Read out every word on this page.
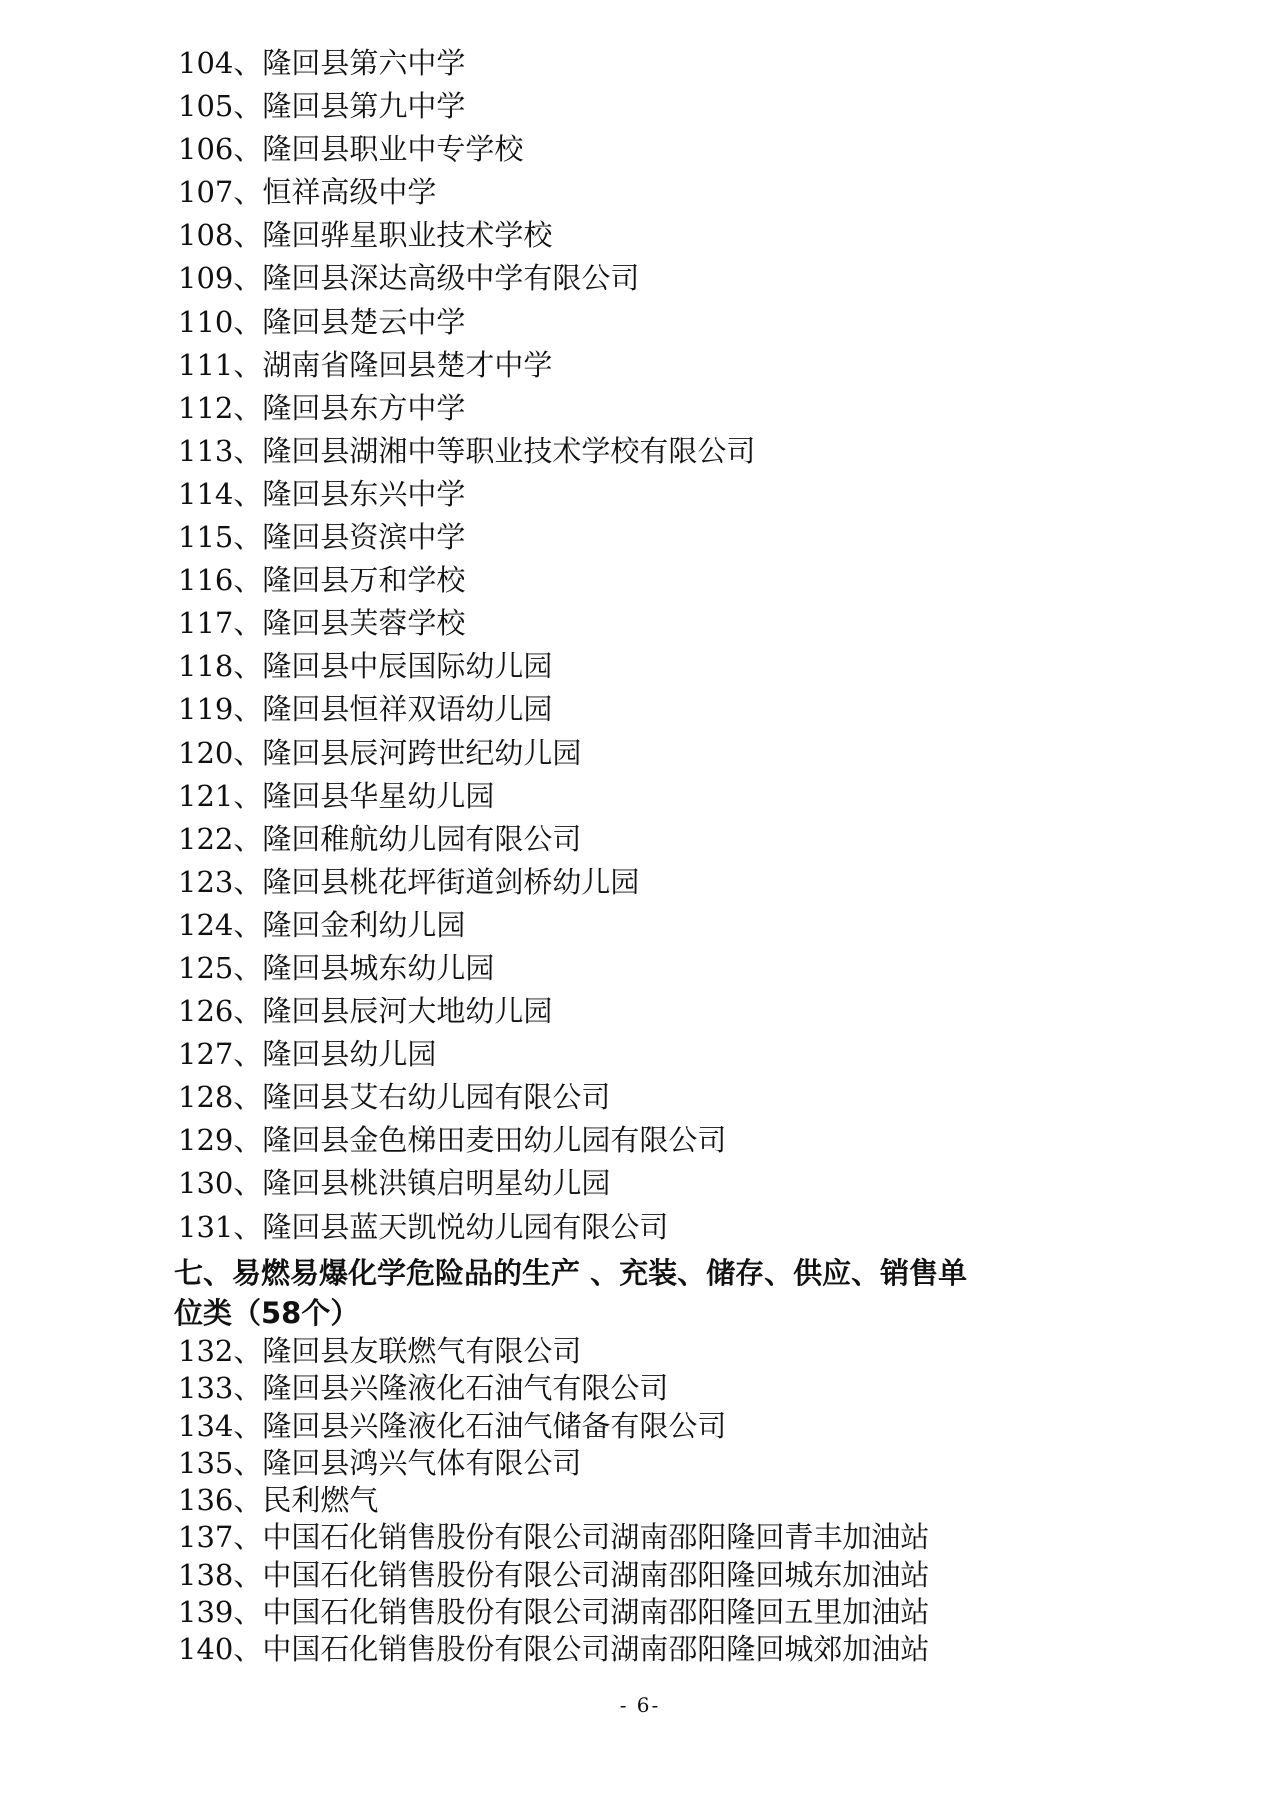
104、隆回县第六中学
105、隆回县第九中学
106、隆回县职业中专学校
107、恒祥高级中学
108、隆回骅星职业技术学校
109、隆回县深达高级中学有限公司
110、隆回县楚云中学
111、湖南省隆回县楚才中学
112、隆回县东方中学
113、隆回县湖湘中等职业技术学校有限公司
114、隆回县东兴中学
115、隆回县资滨中学
116、隆回县万和学校
117、隆回县芙蓉学校
118、隆回县中辰国际幼儿园
119、隆回县恒祥双语幼儿园
120、隆回县辰河跨世纪幼儿园
121、隆回县华星幼儿园
122、隆回稚航幼儿园有限公司
123、隆回县桃花坪街道剑桥幼儿园
124、隆回金利幼儿园
125、隆回县城东幼儿园
126、隆回县辰河大地幼儿园
127、隆回县幼儿园
128、隆回县艾右幼儿园有限公司
129、隆回县金色梯田麦田幼儿园有限公司
130、隆回县桃洪镇启明星幼儿园
131、隆回县蓝天凯悦幼儿园有限公司
七、易燃易爆化学危险品的生产 、充装、储存、供应、销售单
位类（58个）
132、隆回县友联燃气有限公司
133、隆回县兴隆液化石油气有限公司
134、隆回县兴隆液化石油气储备有限公司
135、隆回县鸿兴气体有限公司
136、民利燃气
137、中国石化销售股份有限公司湖南邵阳隆回青丰加油站
138、中国石化销售股份有限公司湖南邵阳隆回城东加油站
139、中国石化销售股份有限公司湖南邵阳隆回五里加油站
140、中国石化销售股份有限公司湖南邵阳隆回城郊加油站
- 6-
